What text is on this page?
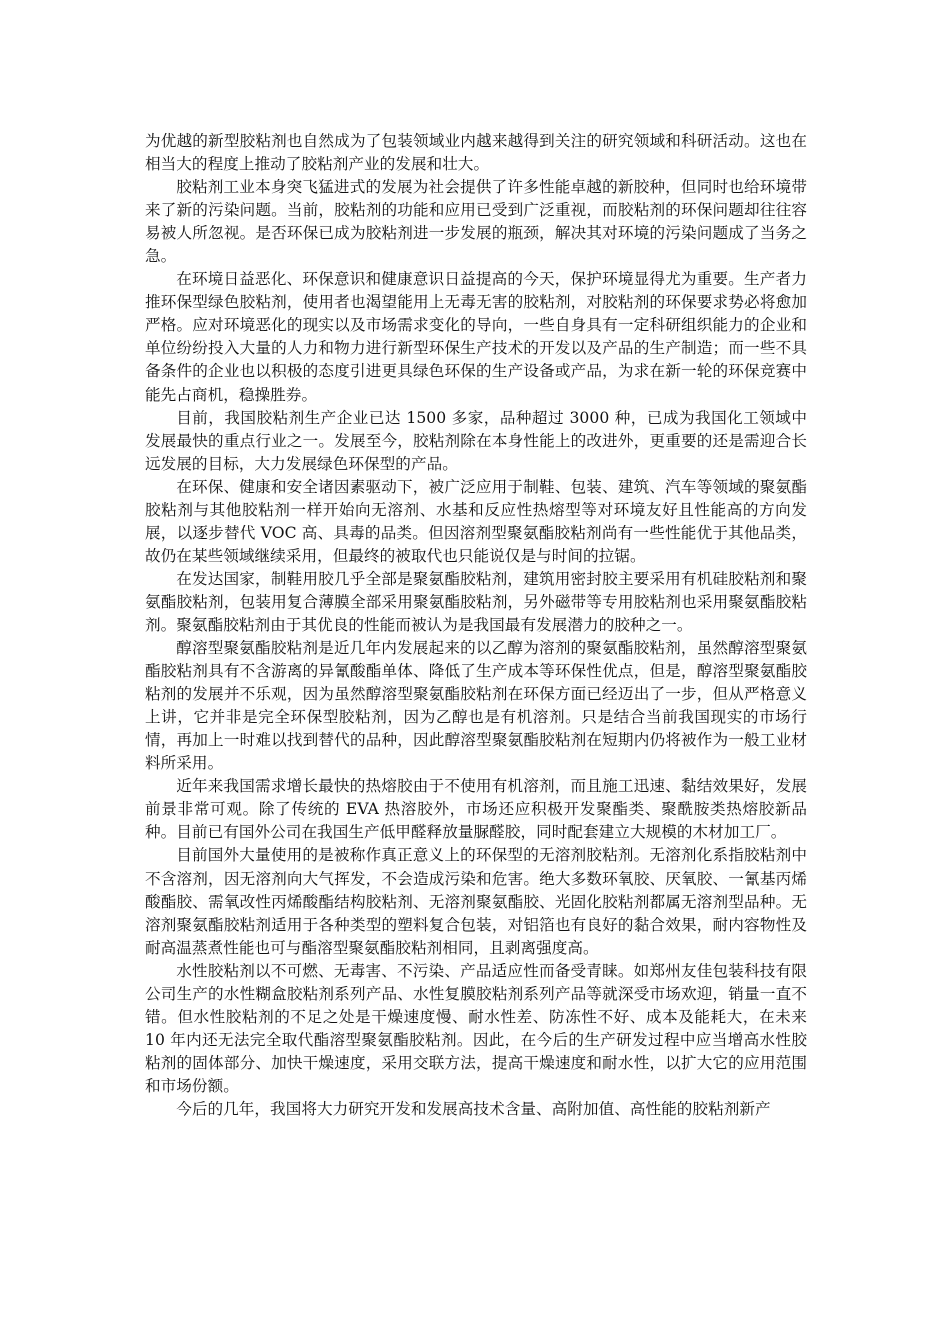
为优越的新型胶粘剂也自然成为了包装领域业内越来越得到关注的研究领域和科研活动。这也在相当大的程度上推动了胶粘剂产业的发展和壮大。

胶粘剂工业本身突飞猛进式的发展为社会提供了许多性能卓越的新胶种，但同时也给环境带来了新的污染问题。当前，胶粘剂的功能和应用已受到广泛重视，而胶粘剂的环保问题却往往容易被人所忽视。是否环保已成为胶粘剂进一步发展的瓶颈，解决其对环境的污染问题成了当务之急。

在环境日益恶化、环保意识和健康意识日益提高的今天，保护环境显得尤为重要。生产者力推环保型绿色胶粘剂，使用者也渴望能用上无毒无害的胶粘剂，对胶粘剂的环保要求势必将愈加严格。应对环境恶化的现实以及市场需求变化的导向，一些自身具有一定科研组织能力的企业和单位纷纷投入大量的人力和物力进行新型环保生产技术的开发以及产品的生产制造；而一些不具备条件的企业也以积极的态度引进更具绿色环保的生产设备或产品，为求在新一轮的环保竞赛中能先占商机，稳操胜券。

目前，我国胶粘剂生产企业已达 1500 多家，品种超过 3000 种，已成为我国化工领域中发展最快的重点行业之一。发展至今，胶粘剂除在本身性能上的改进外，更重要的还是需迎合长远发展的目标，大力发展绿色环保型的产品。

在环保、健康和安全诸因素驱动下，被广泛应用于制鞋、包装、建筑、汽车等领域的聚氨酯胶粘剂与其他胶粘剂一样开始向无溶剂、水基和反应性热熔型等对环境友好且性能高的方向发展，以逐步替代 VOC 高、具毒的品类。但因溶剂型聚氨酯胶粘剂尚有一些性能优于其他品类，故仍在某些领域继续采用，但最终的被取代也只能说仅是与时间的拉锯。

在发达国家，制鞋用胶几乎全部是聚氨酯胶粘剂，建筑用密封胶主要采用有机硅胶粘剂和聚氨酯胶粘剂，包装用复合薄膜全部采用聚氨酯胶粘剂，另外磁带等专用胶粘剂也采用聚氨酯胶粘剂。聚氨酯胶粘剂由于其优良的性能而被认为是我国最有发展潜力的胶种之一。

醇溶型聚氨酯胶粘剂是近几年内发展起来的以乙醇为溶剂的聚氨酯胶粘剂，虽然醇溶型聚氨酯胶粘剂具有不含游离的异氰酸酯单体、降低了生产成本等环保性优点，但是，醇溶型聚氨酯胶粘剂的发展并不乐观，因为虽然醇溶型聚氨酯胶粘剂在环保方面已经迈出了一步，但从严格意义上讲，它并非是完全环保型胶粘剂，因为乙醇也是有机溶剂。只是结合当前我国现实的市场行情，再加上一时难以找到替代的品种，因此醇溶型聚氨酯胶粘剂在短期内仍将被作为一般工业材料所采用。

近年来我国需求增长最快的热熔胶由于不使用有机溶剂，而且施工迅速、黏结效果好，发展前景非常可观。除了传统的 EVA 热溶胶外，市场还应积极开发聚酯类、聚酰胺类热熔胶新品种。目前已有国外公司在我国生产低甲醛释放量脲醛胶，同时配套建立大规模的木材加工厂。

目前国外大量使用的是被称作真正意义上的环保型的无溶剂胶粘剂。无溶剂化系指胶粘剂中不含溶剂，因无溶剂向大气挥发，不会造成污染和危害。绝大多数环氧胶、厌氧胶、一氰基丙烯酸酯胶、需氧改性丙烯酸酯结构胶粘剂、无溶剂聚氨酯胶、光固化胶粘剂都属无溶剂型品种。无溶剂聚氨酯胶粘剂适用于各种类型的塑料复合包装，对铝箔也有良好的黏合效果，耐内容物性及耐高温蒸煮性能也可与酯溶型聚氨酯胶粘剂相同，且剥离强度高。

水性胶粘剂以不可燃、无毒害、不污染、产品适应性而备受青睐。如郑州友佳包装科技有限公司生产的水性糊盒胶粘剂系列产品、水性复膜胶粘剂系列产品等就深受市场欢迎，销量一直不错。但水性胶粘剂的不足之处是干燥速度慢、耐水性差、防冻性不好、成本及能耗大，在未来 10 年内还无法完全取代酯溶型聚氨酯胶粘剂。因此，在今后的生产研发过程中应当增高水性胶粘剂的固体部分、加快干燥速度，采用交联方法，提高干燥速度和耐水性，以扩大它的应用范围和市场份额。

今后的几年，我国将大力研究开发和发展高技术含量、高附加值、高性能的胶粘剂新产
